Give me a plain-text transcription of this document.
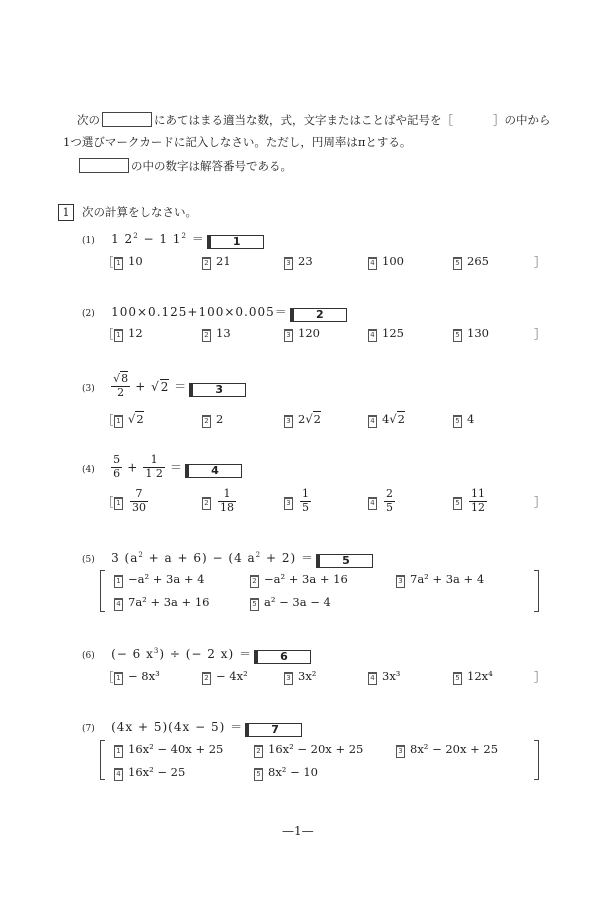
次の	にあてはまる適当な数，式，文字またはことばや記号を［	］の中から
1つ選びマークカードに記入しなさい。ただし，円周率はπとする。
の中の数字は解答番号である。
1 次の計算をしなさい。
(1) 1 $2^2 - 1$ $1^2$ ＝	1
［ 1 10	2 21	3 23	4 100	5 265	］
(2) 100×0.125+100×0.005＝	2
［ 1 12	2 13	3 120	4 125	5 130	］
$(3) \frac{√8}{2} + √2$ ＝	3
［ 1 √2	2 2	3 2√2	4 4√2	5 4
$(4) \frac{5}{6} + \frac{1}{1 2}$ ＝	4
［ $1 \frac{7}{30}$	$2 \frac{1}{18}$	$3 \frac{1}{5}$	$4 \frac{2}{5}$	$5 \frac{11}{12}$	］
(5) 3 $(a^2 + a + 6) - (4$ $a^2 + 2$) ＝	5
1 −a² + 3a + 4	2 −a² + 3a + 16	3 7a² + 3a + 4
4 7a² + 3a + 16	5 a² − 3a − 4
(6) (− 6 $x^3$) ÷ (− 2 x) ＝	6
［ 1 − 8x³	2 − 4x²	3 3x²	4 3x³	5 12x⁴	］
(7) (4x + 5)(4x − 5) ＝	7
1 16x² − 40x + 25	2 16x² − 20x + 25	3 8x² − 20x + 25
4 16x² − 25	5 8x² − 10
—1—
